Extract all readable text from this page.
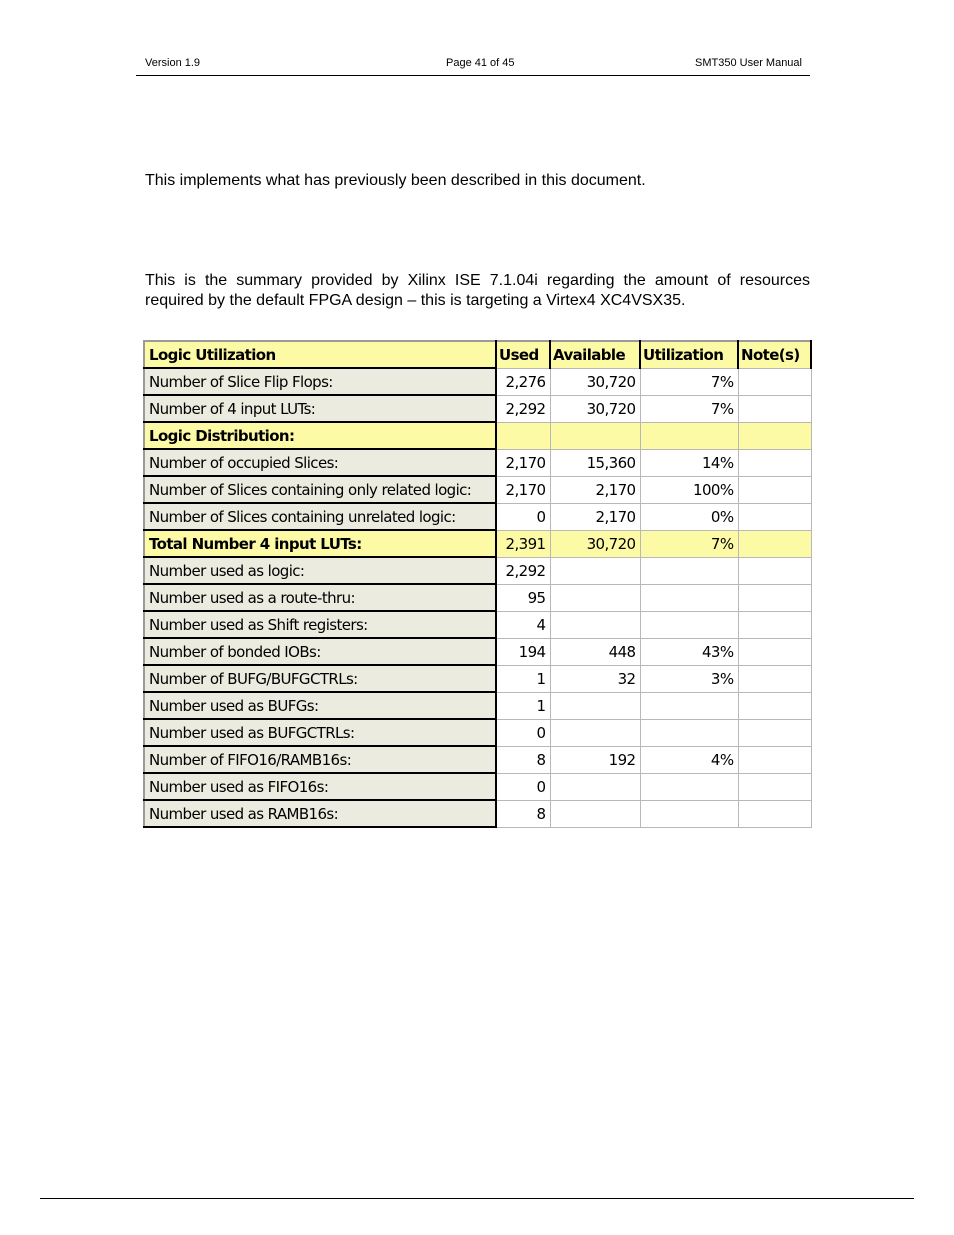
Version 1.9	Page 41 of 45	SMT350 User Manual
This implements what has previously been described in this document.
This is the summary provided by Xilinx ISE 7.1.04i regarding the amount of resources required by the default FPGA design – this is targeting a Virtex4 XC4VSX35.
Logic Utilization	Used	Available	Utilization	Note(s)
Number of Slice Flip Flops:	2,276	30,720	7%	
Number of 4 input LUTs:	2,292	30,720	7%	
Logic Distribution:				
Number of occupied Slices:	2,170	15,360	14%	
Number of Slices containing only related logic:	2,170	2,170	100%	
Number of Slices containing unrelated logic:	0	2,170	0%	
Total Number 4 input LUTs:	2,391	30,720	7%	
Number used as logic:	2,292			
Number used as a route-thru:	95			
Number used as Shift registers:	4			
Number of bonded IOBs:	194	448	43%	
Number of BUFG/BUFGCTRLs:	1	32	3%	
Number used as BUFGs:	1			
Number used as BUFGCTRLs:	0			
Number of FIFO16/RAMB16s:	8	192	4%	
Number used as FIFO16s:	0			
Number used as RAMB16s:	8			
